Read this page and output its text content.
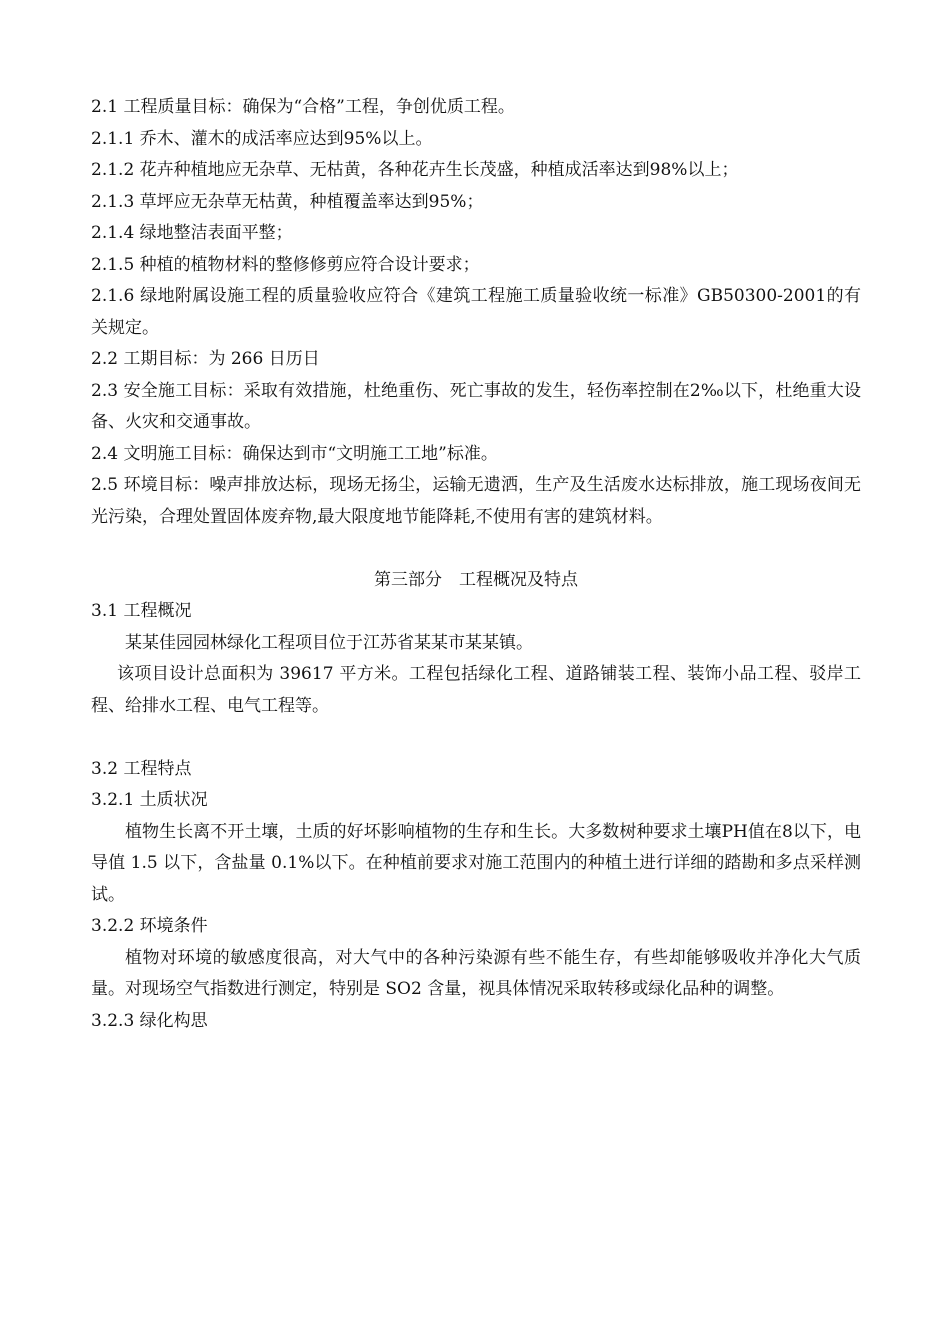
2.1 工程质量目标：确保为“合格”工程，争创优质工程。

2.1.1 乔木、灌木的成活率应达到95%以上。

2.1.2 花卉种植地应无杂草、无枯黄，各种花卉生长茂盛，种植成活率达到98%以上；

2.1.3 草坪应无杂草无枯黄，种植覆盖率达到95%；

2.1.4 绿地整洁表面平整；

2.1.5 种植的植物材料的整修修剪应符合设计要求；

2.1.6 绿地附属设施工程的质量验收应符合《建筑工程施工质量验收统一标准》GB50300-2001的有关规定。

2.2 工期目标：为 266 日历日

2.3 安全施工目标：采取有效措施，杜绝重伤、死亡事故的发生，轻伤率控制在2‰以下，杜绝重大设备、火灾和交通事故。

2.4 文明施工目标：确保达到市“文明施工工地”标准。

2.5 环境目标：噪声排放达标，现场无扬尘，运输无遗洒，生产及生活废水达标排放，施工现场夜间无光污染，合理处置固体废弃物,最大限度地节能降耗,不使用有害的建筑材料。

第三部分　工程概况及特点

3.1 工程概况

某某佳园园林绿化工程项目位于江苏省某某市某某镇。

该项目设计总面积为 39617 平方米。工程包括绿化工程、道路铺装工程、装饰小品工程、驳岸工程、给排水工程、电气工程等。

3.2 工程特点

3.2.1 土质状况

植物生长离不开土壤，土质的好坏影响植物的生存和生长。大多数树种要求土壤PH值在8以下，电导值 1.5 以下，含盐量 0.1%以下。在种植前要求对施工范围内的种植土进行详细的踏勘和多点采样测试。

3.2.2 环境条件

植物对环境的敏感度很高，对大气中的各种污染源有些不能生存，有些却能够吸收并净化大气质量。对现场空气指数进行测定，特别是 SO2 含量，视具体情况采取转移或绿化品种的调整。

3.2.3 绿化构思
